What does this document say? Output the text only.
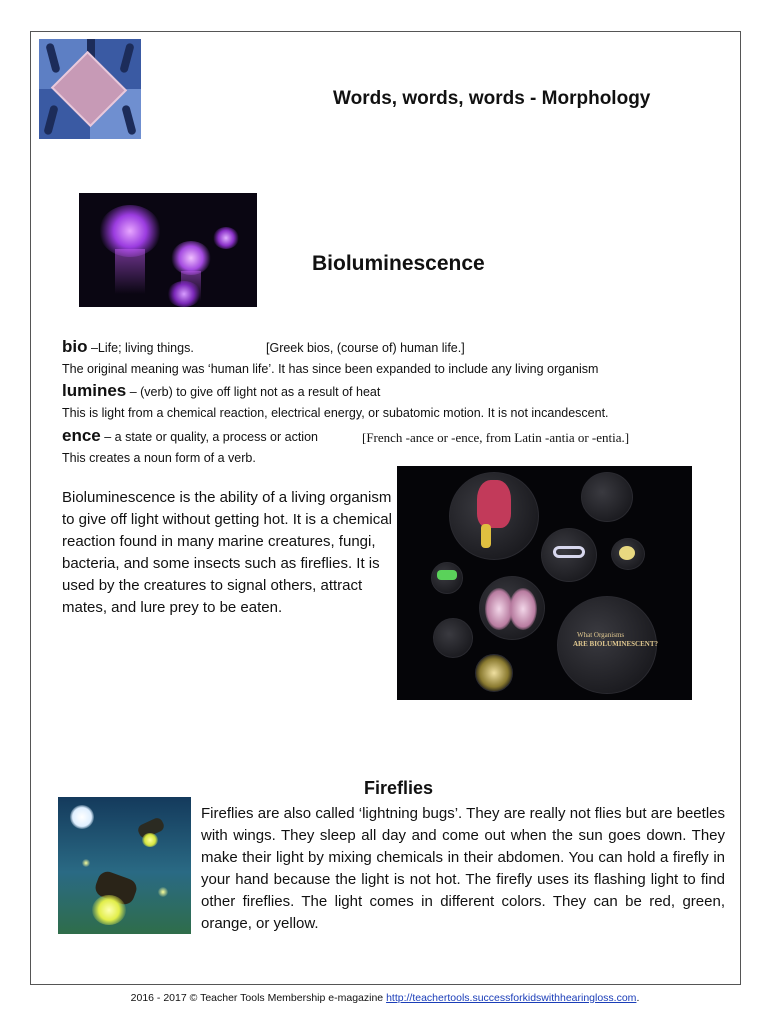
Words, words, words - Morphology
Bioluminescence
bio –Life; living things.	[Greek bios, (course of) human life.]
The original meaning was ‘human life’. It has since been expanded to include any living organism
lumines – (verb) to give off light not as a result of heat
This is light from a chemical reaction, electrical energy, or subatomic motion. It is not incandescent.
ence – a state or quality, a process or action	[French -ance or -ence, from Latin -antia or -entia.]
This creates a noun form of a verb.
Bioluminescence is the ability of a living organism to give off light without getting hot. It is a chemical reaction found in many marine creatures, fungi, bacteria, and some insects such as fireflies. It is used by the creatures to signal others, attract mates, and lure prey to be eaten.
What Organisms
ARE BIOLUMINESCENT?
Fireflies
Fireflies are also called ‘lightning bugs’. They are really not flies but are beetles with wings. They sleep all day and come out when the sun goes down. They make their light by mixing chemicals in their abdomen. You can hold a firefly in your hand because the light is not hot. The firefly uses its flashing light to find other fireflies. The light comes in different colors. They can be red, green, orange, or yellow.
2016 - 2017 © Teacher Tools Membership e-magazine http://teachertools.successforkidswithhearingloss.com.
